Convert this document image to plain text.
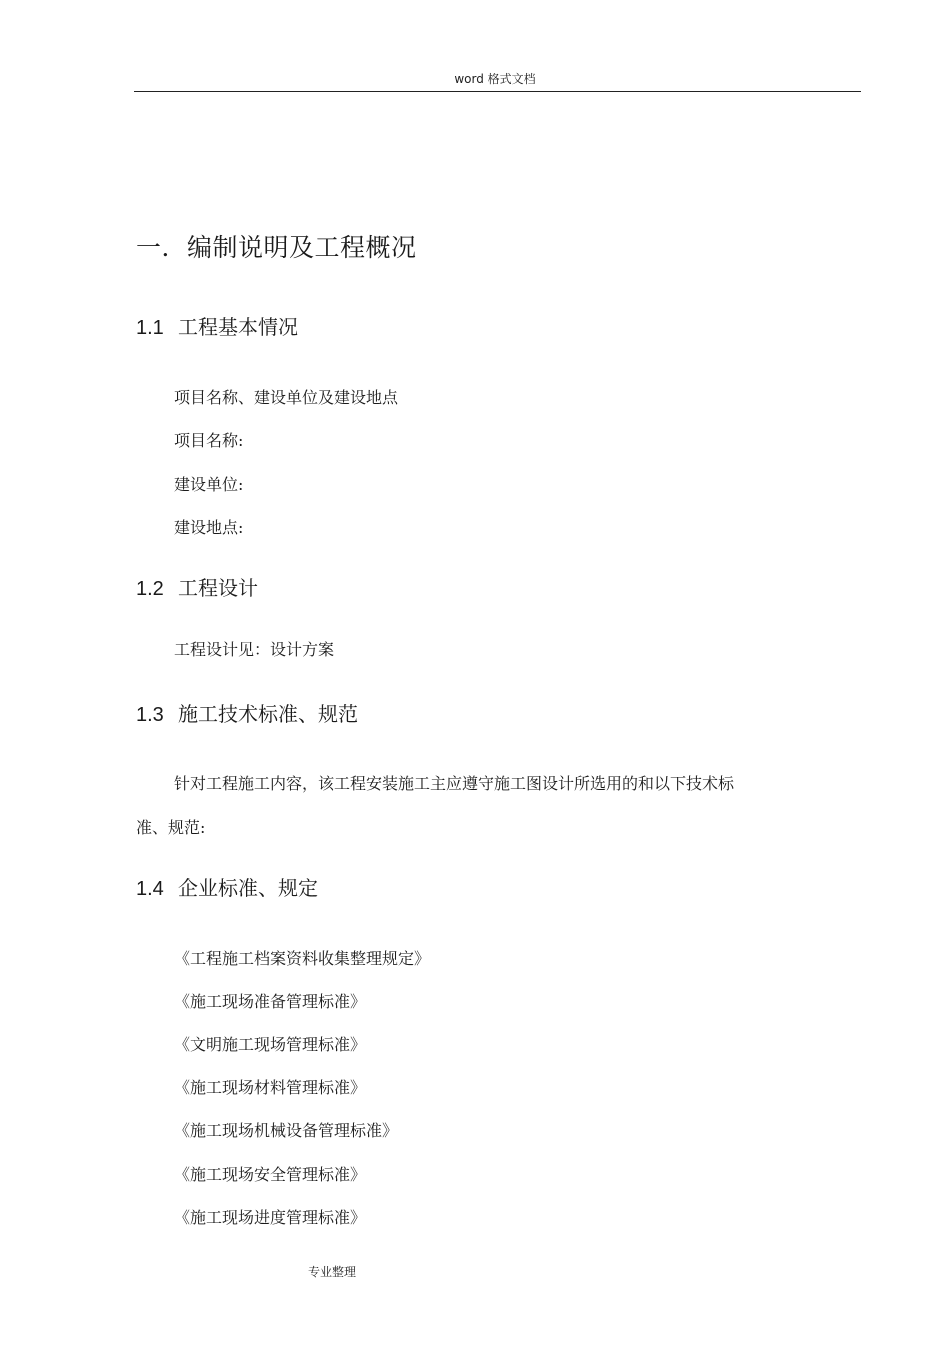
word 格式文档
一．编制说明及工程概况
1.1 工程基本情况
项目名称、建设单位及建设地点
项目名称:
建设单位:
建设地点:
1.2 工程设计
工程设计见：设计方案
1.3 施工技术标准、规范
针对工程施工内容，该工程安装施工主应遵守施工图设计所选用的和以下技术标
准、规范:
1.4 企业标准、规定
《工程施工档案资料收集整理规定》
《施工现场准备管理标准》
《文明施工现场管理标准》
《施工现场材料管理标准》
《施工现场机械设备管理标准》
《施工现场安全管理标准》
《施工现场进度管理标准》
专业整理
